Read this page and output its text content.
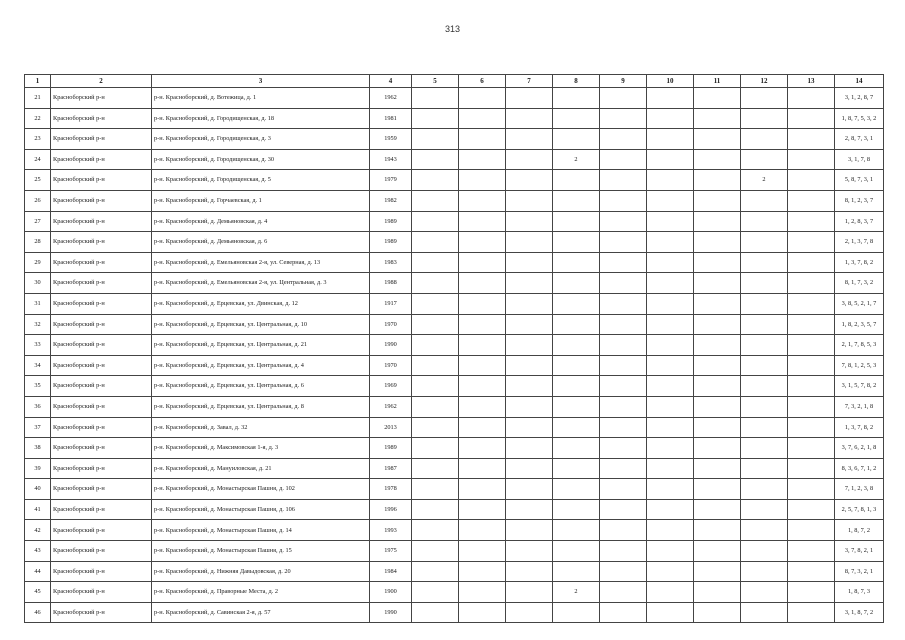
313
1	2	3	4	5	6	7	8	9	10	11	12	13	14
21	Красноборский р-н	р-н. Красноборский, д. Вотежица, д. 1	1962										3, 1, 2, 8, 7
22	Красноборский р-н	р-н. Красноборский, д. Городищенская, д. 18	1981										1, 8, 7, 5, 3, 2
23	Красноборский р-н	р-н. Красноборский, д. Городищенская, д. 3	1959										2, 8, 7, 3, 1
24	Красноборский р-н	р-н. Красноборский, д. Городищенская, д. 30	1943				2						3, 1, 7, 8
25	Красноборский р-н	р-н. Красноборский, д. Городищенская, д. 5	1979								2		5, 8, 7, 3, 1
26	Красноборский р-н	р-н. Красноборский, д. Горчаевская, д. 1	1982										8, 1, 2, 3, 7
27	Красноборский р-н	р-н. Красноборский, д. Демьяновская, д. 4	1989										1, 2, 8, 3, 7
28	Красноборский р-н	р-н. Красноборский, д. Демьяновская, д. 6	1989										2, 1, 3, 7, 8
29	Красноборский р-н	р-н. Красноборский, д. Емельяновская 2-я, ул. Северная, д. 13	1983										1, 3, 7, 8, 2
30	Красноборский р-н	р-н. Красноборский, д. Емельяновская 2-я, ул. Центральная, д. 3	1988										8, 1, 7, 3, 2
31	Красноборский р-н	р-н. Красноборский, д. Ерцевская, ул. Двинская, д. 12	1917										3, 8, 5, 2, 1, 7
32	Красноборский р-н	р-н. Красноборский, д. Ерцевская, ул. Центральная, д. 10	1970										1, 8, 2, 3, 5, 7
33	Красноборский р-н	р-н. Красноборский, д. Ерцевская, ул. Центральная, д. 21	1990										2, 1, 7, 8, 5, 3
34	Красноборский р-н	р-н. Красноборский, д. Ерцевская, ул. Центральная, д. 4	1970										7, 8, 1, 2, 5, 3
35	Красноборский р-н	р-н. Красноборский, д. Ерцевская, ул. Центральная, д. 6	1969										3, 1, 5, 7, 8, 2
36	Красноборский р-н	р-н. Красноборский, д. Ерцевская, ул. Центральная, д. 8	1962										7, 3, 2, 1, 8
37	Красноборский р-н	р-н. Красноборский, д. Завал, д. 32	2013										1, 3, 7, 8, 2
38	Красноборский р-н	р-н. Красноборский, д. Максимовская 1-я, д. 3	1989										3, 7, 6, 2, 1, 8
39	Красноборский р-н	р-н. Красноборский, д. Мануиловская, д. 21	1987										8, 3, 6, 7, 1, 2
40	Красноборский р-н	р-н. Красноборский, д. Монастырская Пашня, д. 102	1978										7, 1, 2, 3, 8
41	Красноборский р-н	р-н. Красноборский, д. Монастырская Пашня, д. 106	1996										2, 5, 7, 8, 1, 3
42	Красноборский р-н	р-н. Красноборский, д. Монастырская Пашня, д. 14	1993										1, 8, 7, 2
43	Красноборский р-н	р-н. Красноборский, д. Монастырская Пашня, д. 15	1975										3, 7, 8, 2, 1
44	Красноборский р-н	р-н. Красноборский, д. Нижняя Давыдовская, д. 20	1984										8, 7, 3, 2, 1
45	Красноборский р-н	р-н. Красноборский, д. Праворные Места, д. 2	1900				2						1, 8, 7, 3
46	Красноборский р-н	р-н. Красноборский, д. Савинская 2-я, д. 57	1990										3, 1, 8, 7, 2
